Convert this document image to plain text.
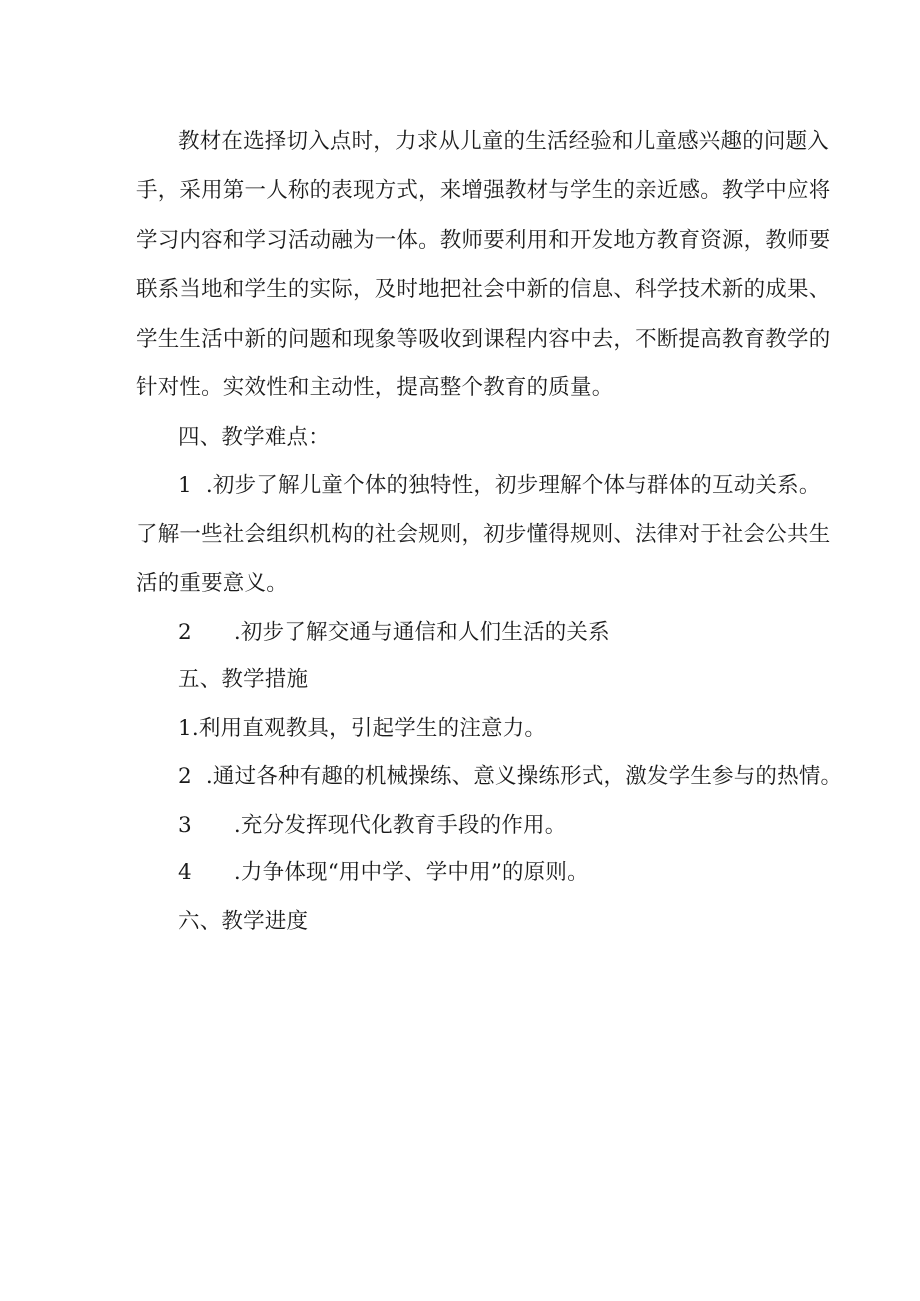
教材在选择切入点时，力求从儿童的生活经验和儿童感兴趣的问题入
手，采用第一人称的表现方式，来增强教材与学生的亲近感。教学中应将
学习内容和学习活动融为一体。教师要利用和开发地方教育资源，教师要
联系当地和学生的实际，及时地把社会中新的信息、科学技术新的成果、
学生生活中新的问题和现象等吸收到课程内容中去，不断提高教育教学的
针对性。实效性和主动性，提高整个教育的质量。
四、教学难点：
1 .初步了解儿童个体的独特性，初步理解个体与群体的互动关系。
了解一些社会组织机构的社会规则，初步懂得规则、法律对于社会公共生
活的重要意义。
2 .初步了解交通与通信和人们生活的关系
五、教学措施
1.利用直观教具，引起学生的注意力。
2 .通过各种有趣的机械操练、意义操练形式，激发学生参与的热情。
3 .充分发挥现代化教育手段的作用。
4 .力争体现“用中学、学中用”的原则。
六、教学进度
